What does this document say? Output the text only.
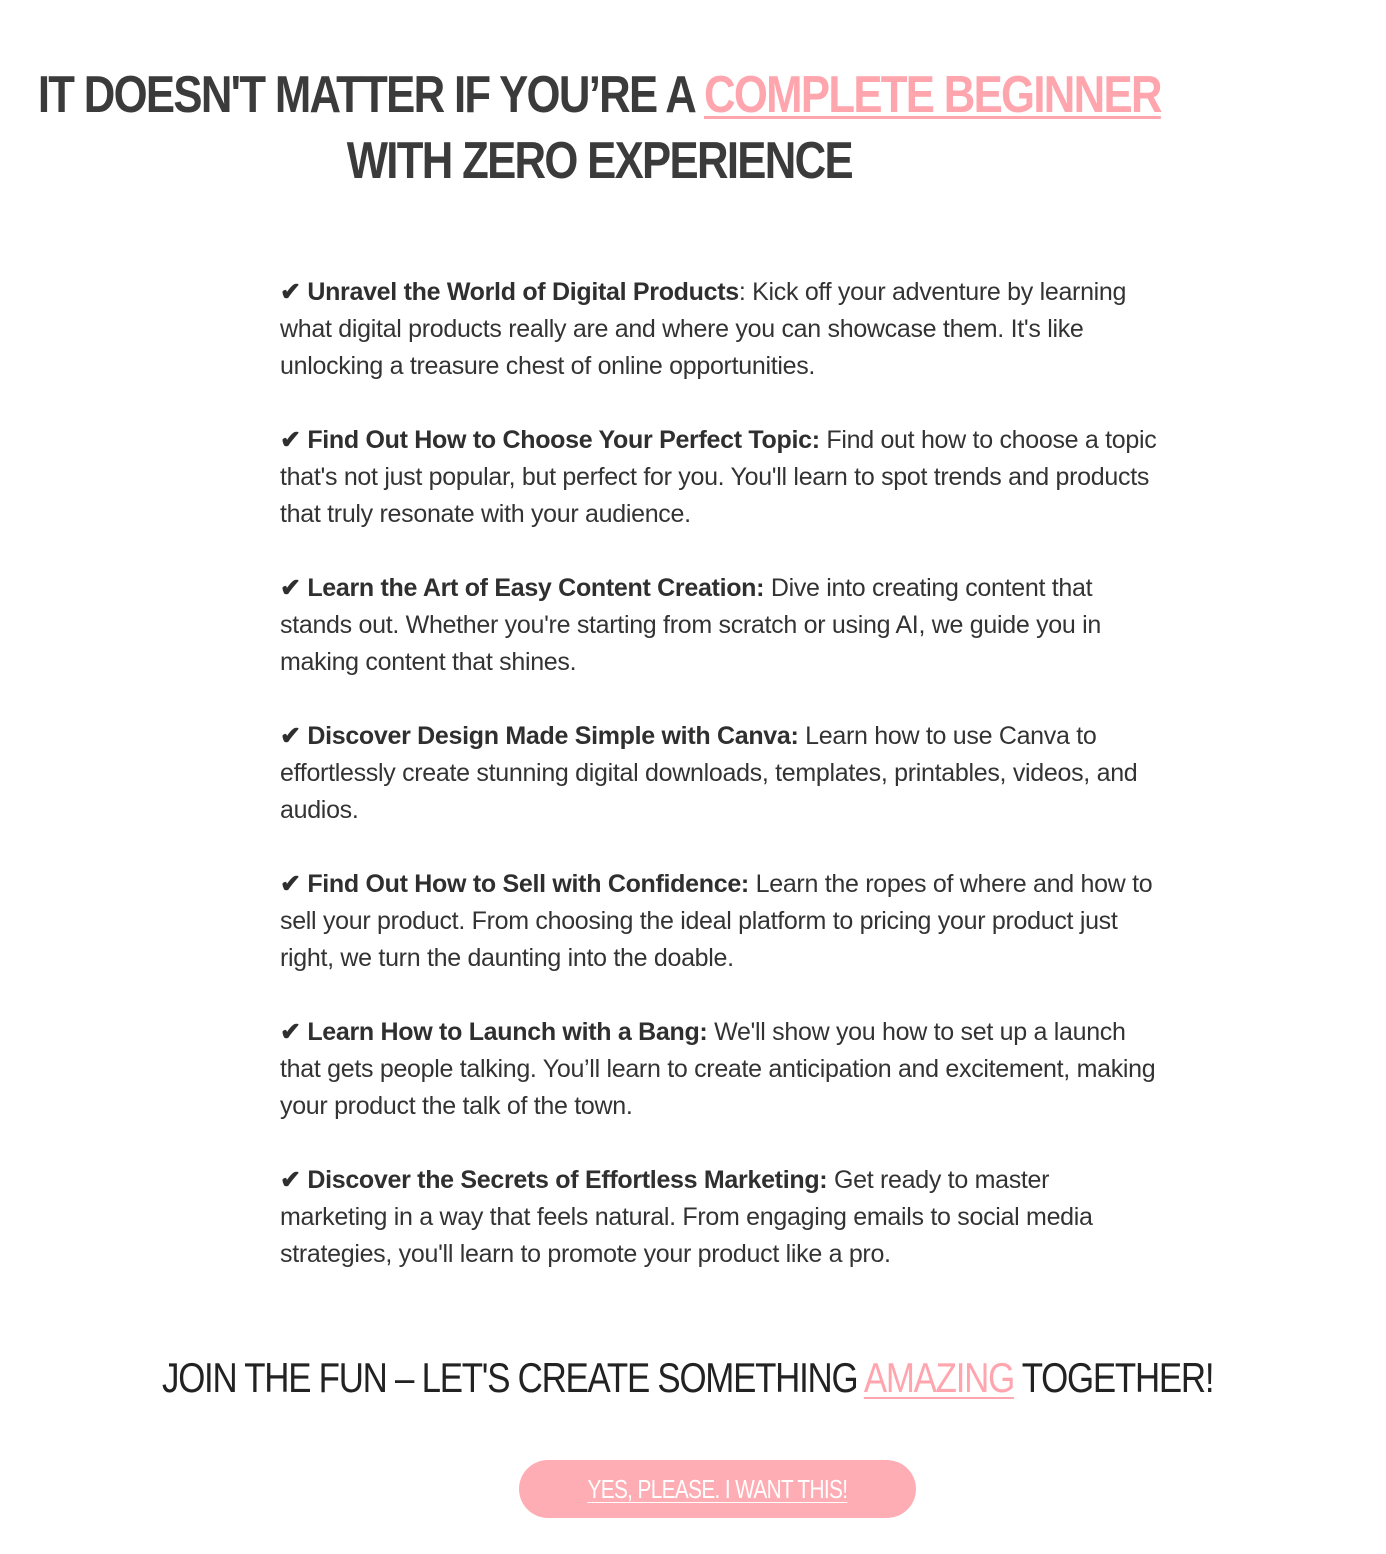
IT DOESN'T MATTER IF YOU’RE A COMPLETE BEGINNER WITH ZERO EXPERIENCE

✔ Unravel the World of Digital Products: Kick off your adventure by learning what digital products really are and where you can showcase them. It's like unlocking a treasure chest of online opportunities.

✔ Find Out How to Choose Your Perfect Topic: Find out how to choose a topic that's not just popular, but perfect for you. You'll learn to spot trends and products that truly resonate with your audience.

✔ Learn the Art of Easy Content Creation: Dive into creating content that stands out. Whether you're starting from scratch or using AI, we guide you in making content that shines.

✔ Discover Design Made Simple with Canva: Learn how to use Canva to effortlessly create stunning digital downloads, templates, printables, videos, and audios.

✔ Find Out How to Sell with Confidence: Learn the ropes of where and how to sell your product. From choosing the ideal platform to pricing your product just right, we turn the daunting into the doable.

✔ Learn How to Launch with a Bang: We'll show you how to set up a launch that gets people talking. You’ll learn to create anticipation and excitement, making your product the talk of the town.

✔ Discover the Secrets of Effortless Marketing: Get ready to master marketing in a way that feels natural. From engaging emails to social media strategies, you'll learn to promote your product like a pro.

JOIN THE FUN – LET'S CREATE SOMETHING AMAZING TOGETHER!
YES, PLEASE. I WANT THIS!
